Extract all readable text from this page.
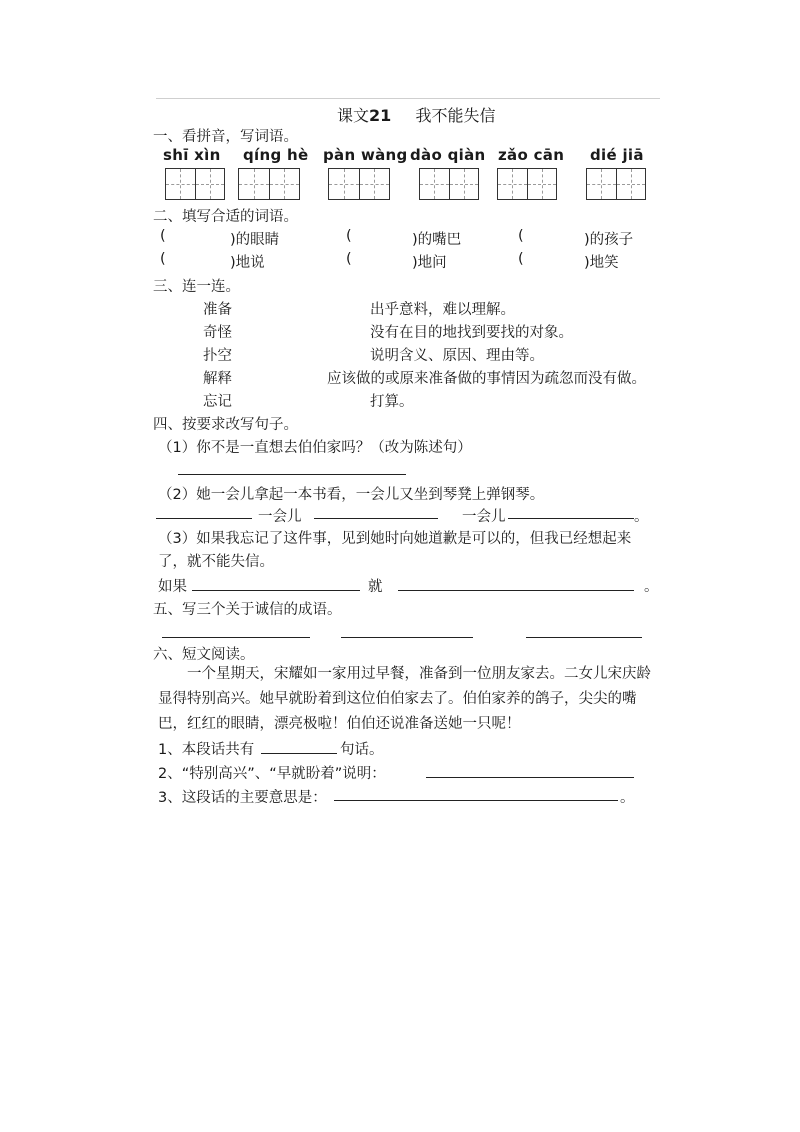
课文21 我不能失信
一、看拼音，写词语。
shī xìn qíng hè pàn wàng dào qiàn zǎo cān dié jiā
二、填写合适的词语。
(	)的眼睛	(	)的嘴巴	(	)的孩子
(	)地说	(	)地问	(	)地笑
三、连一连。
准备
奇怪
扑空
解释
忘记
出乎意料，难以理解。
没有在目的地找到要找的对象。
说明含义、原因、理由等。
应该做的或原来准备做的事情因为疏忽而没有做。
打算。
四、按要求改写句子。
（1）你不是一直想去伯伯家吗？（改为陈述句）
（2）她一会儿拿起一本书看，一会儿又坐到琴凳上弹钢琴。
一会儿	一会儿	。
（3）如果我忘记了这件事，见到她时向她道歉是可以的，但我已经想起来
了，就不能失信。
如果	就	。
五、写三个关于诚信的成语。
六、短文阅读。
一个星期天，宋耀如一家用过早餐，准备到一位朋友家去。二女儿宋庆龄显得特别高兴。她早就盼着到这位伯伯家去了。伯伯家养的鸽子，尖尖的嘴巴，红红的眼睛，漂亮极啦！伯伯还说准备送她一只呢！
1、本段话共有	句话。
2、“特别高兴”、“早就盼着”说明：
3、这段话的主要意思是：	。
